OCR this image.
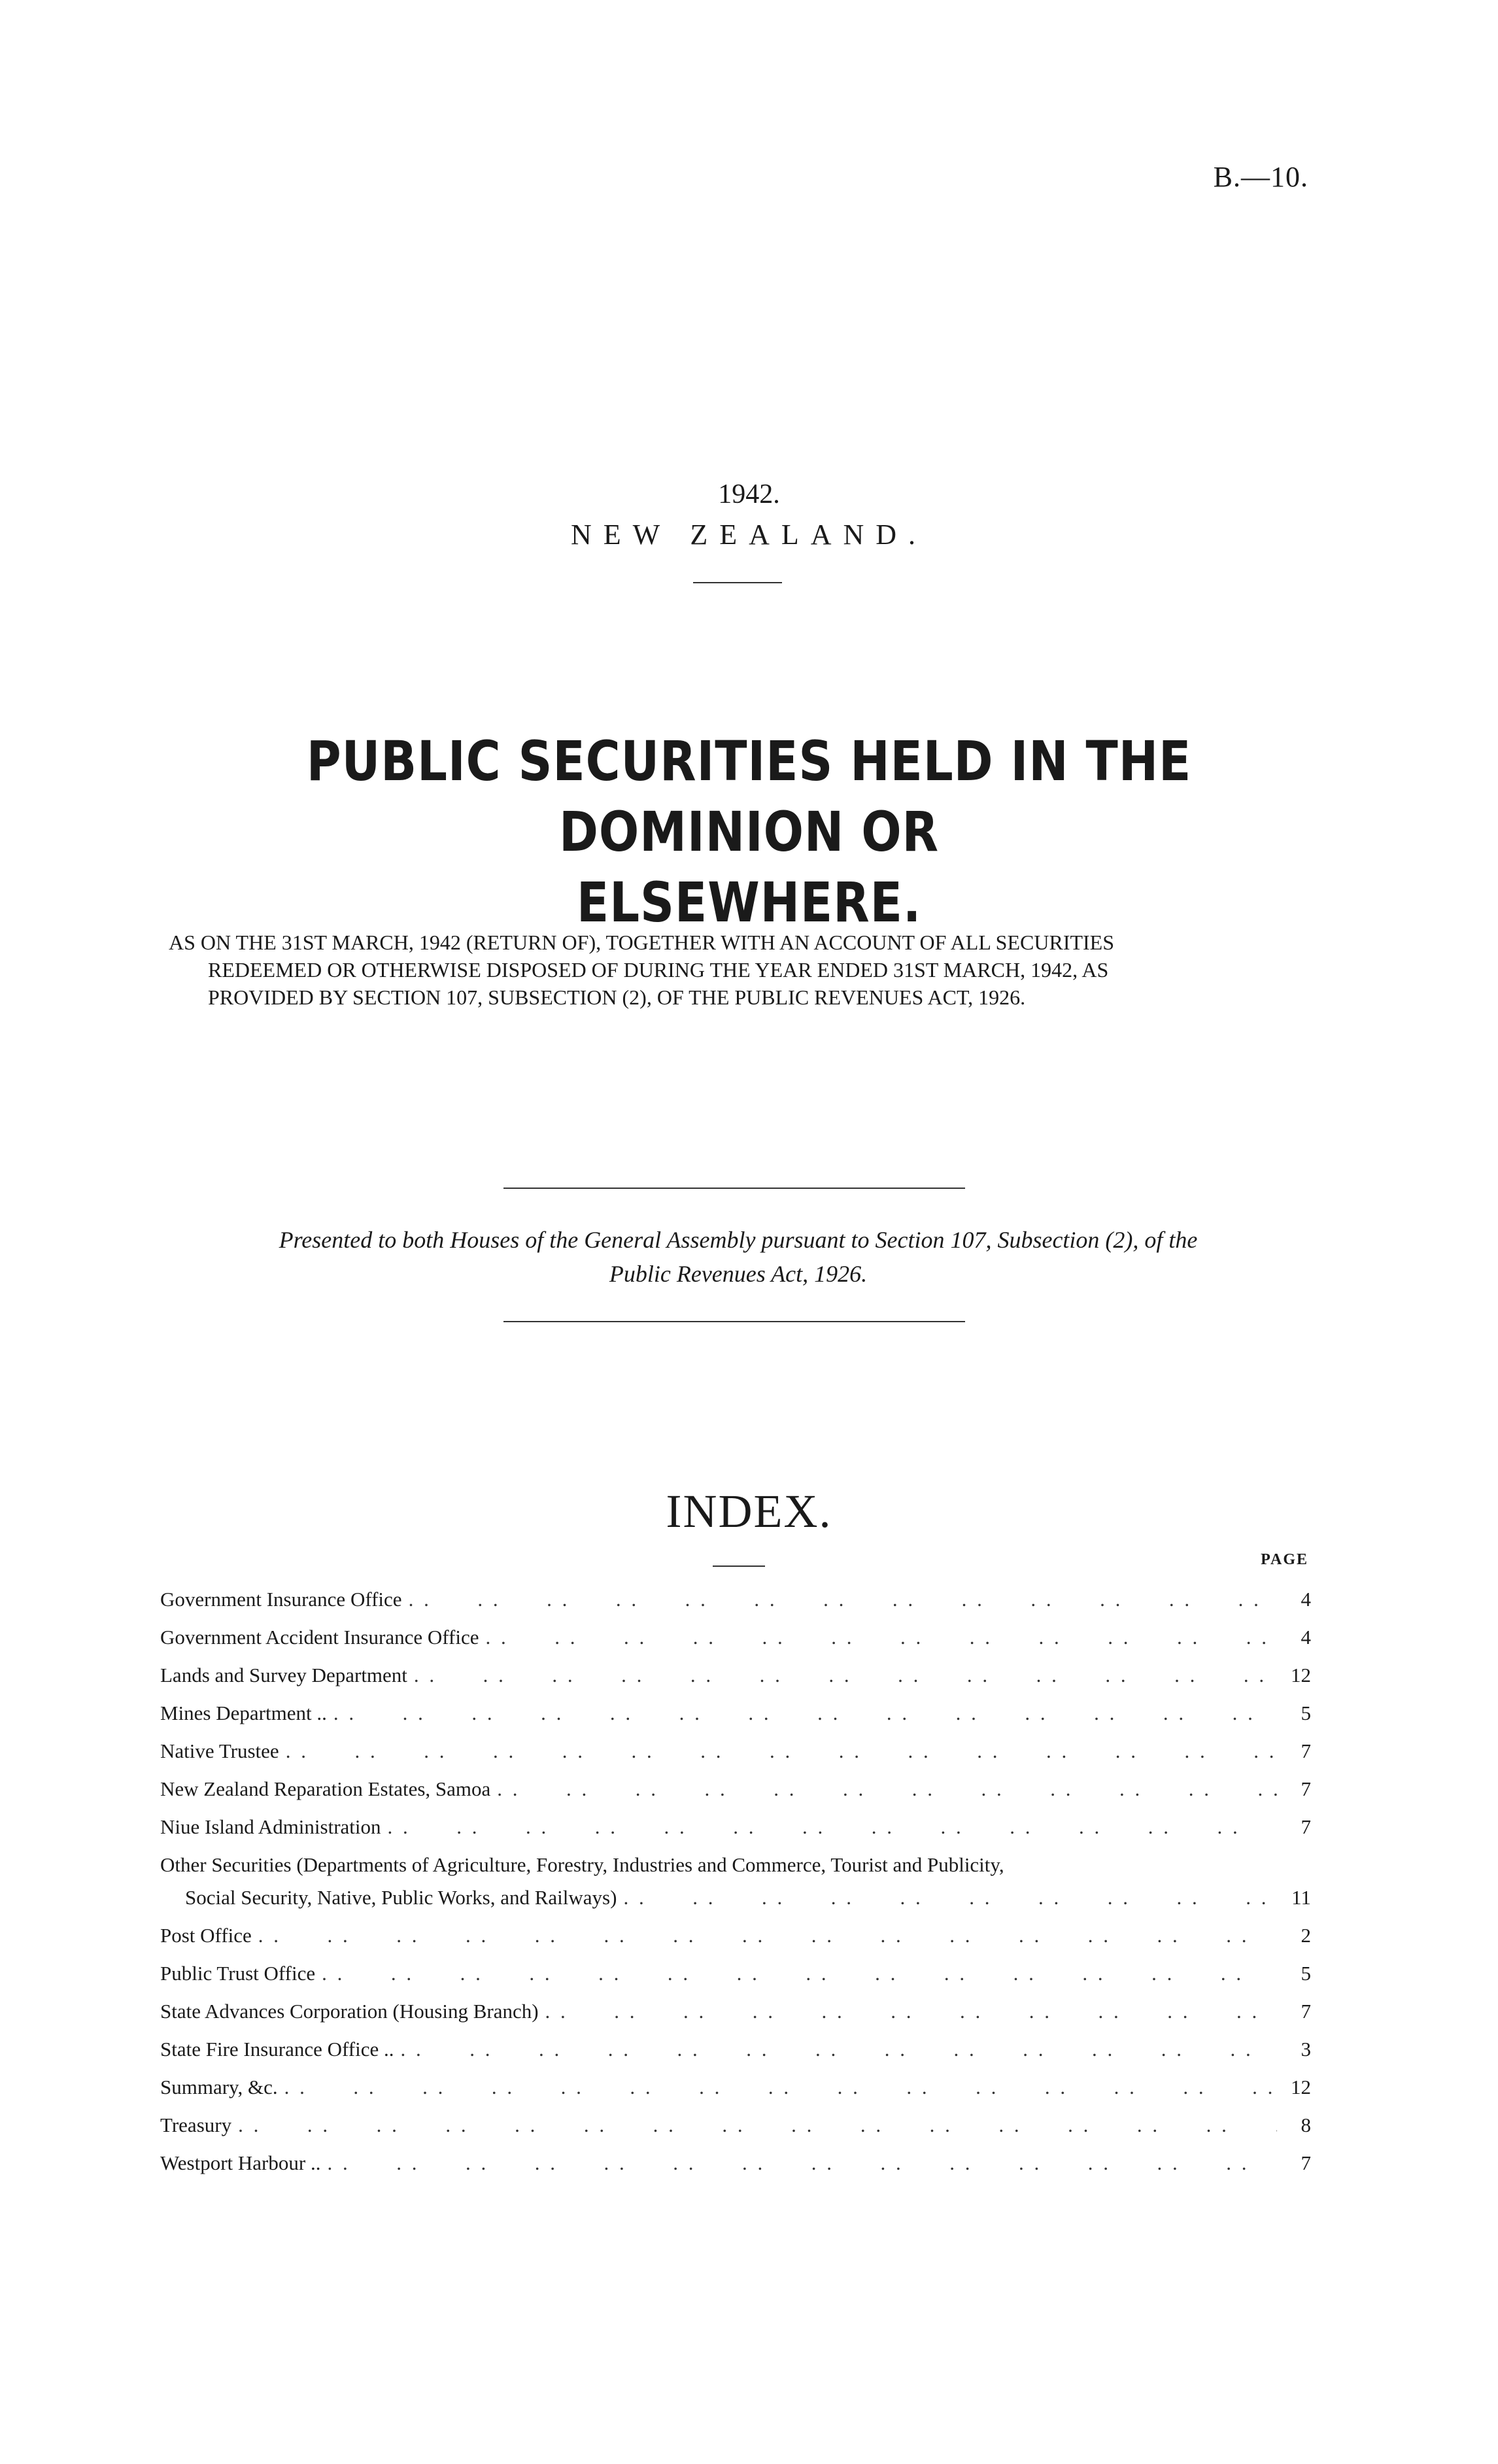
B.—10.
1942.
NEW ZEALAND.
PUBLIC SECURITIES HELD IN THE DOMINION OR
ELSEWHERE.
AS ON THE 31ST MARCH, 1942 (RETURN OF), TOGETHER WITH AN ACCOUNT OF ALL SECURITIES
REDEEMED OR OTHERWISE DISPOSED OF DURING THE YEAR ENDED 31ST MARCH, 1942, AS
PROVIDED BY SECTION 107, SUBSECTION (2), OF THE PUBLIC REVENUES ACT, 1926.
Presented to both Houses of the General Assembly pursuant to Section 107, Subsection (2), of the
Public Revenues Act, 1926.
INDEX.
PAGE
Government Insurance Office . .	4
Government Accident Insurance Office . .	4
Lands and Survey Department . .	12
Mines Department .. . .	5
Native Trustee . .	7
New Zealand Reparation Estates, Samoa . .	7
Niue Island Administration . .	7
Other Securities (Departments of Agriculture, Forestry, Industries and Commerce, Tourist and Publicity,
Social Security, Native, Public Works, and Railways) . .	11
Post Office . .	2
Public Trust Office . .	5
State Advances Corporation (Housing Branch) . .	7
State Fire Insurance Office .. . .	3
Summary, &c. . .	12
Treasury . .	8
Westport Harbour .. . .	7
